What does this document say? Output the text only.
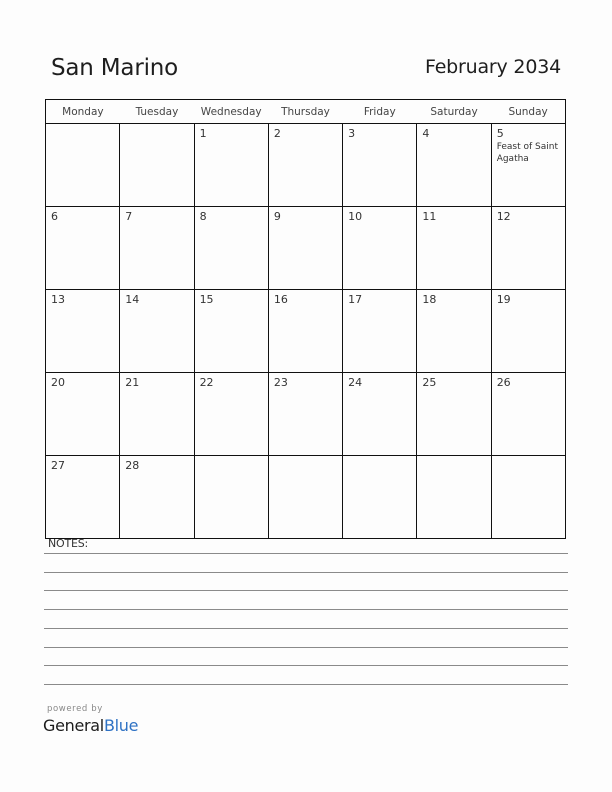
San Marino	February 2034
Monday	Tuesday	Wednesday	Thursday	Friday	Saturday	Sunday

		1	2	3	4	5
Feast of Saint Agatha

6	7	8	9	10	11	12

13	14	15	16	17	18	19

20	21	22	23	24	25	26

27	28					

NOTES:
powered by
GeneralBlue
